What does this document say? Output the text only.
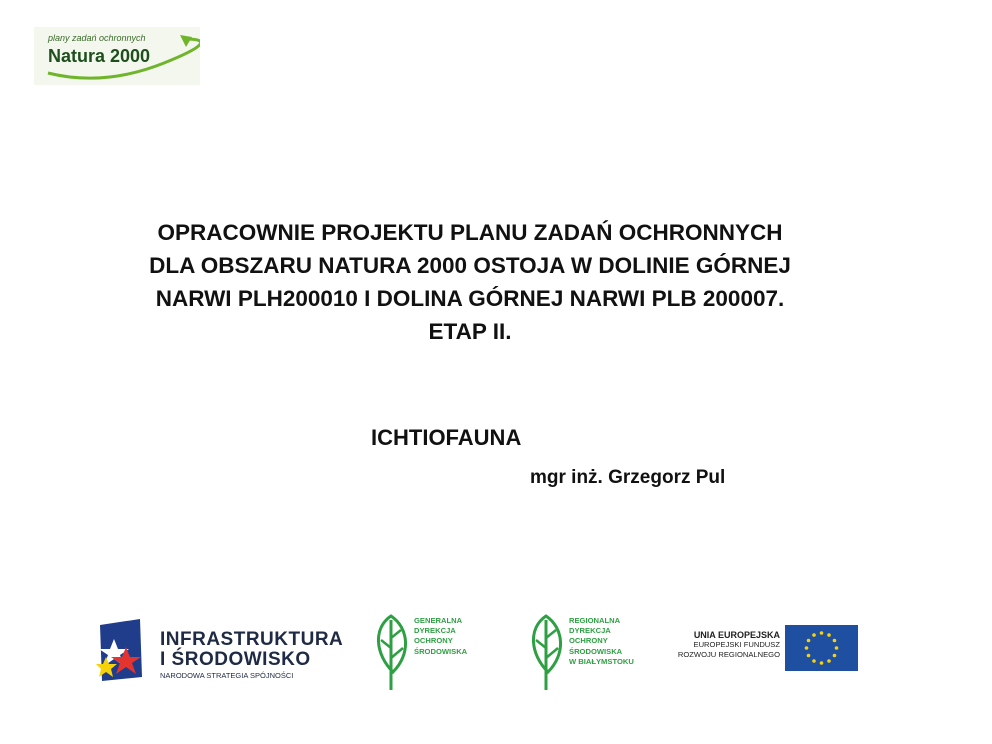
plany zadań ochronnych
Natura 2000
OPRACOWNIE PROJEKTU PLANU ZADAŃ OCHRONNYCH
DLA OBSZARU NATURA 2000 OSTOJA W DOLINIE GÓRNEJ
NARWI PLH200010 I DOLINA GÓRNEJ NARWI PLB 200007.
ETAP II.
ICHTIOFAUNA
mgr inż. Grzegorz Pul
INFRASTRUKTURA
I ŚRODOWISKO
NARODOWA STRATEGIA SPÓJNOŚCI
GENERALNA
DYREKCJA
OCHRONY
ŚRODOWISKA
REGIONALNA
DYREKCJA
OCHRONY
ŚRODOWISKA
W BIAŁYMSTOKU
UNIA EUROPEJSKA
EUROPEJSKI FUNDUSZ
ROZWOJU REGIONALNEGO
